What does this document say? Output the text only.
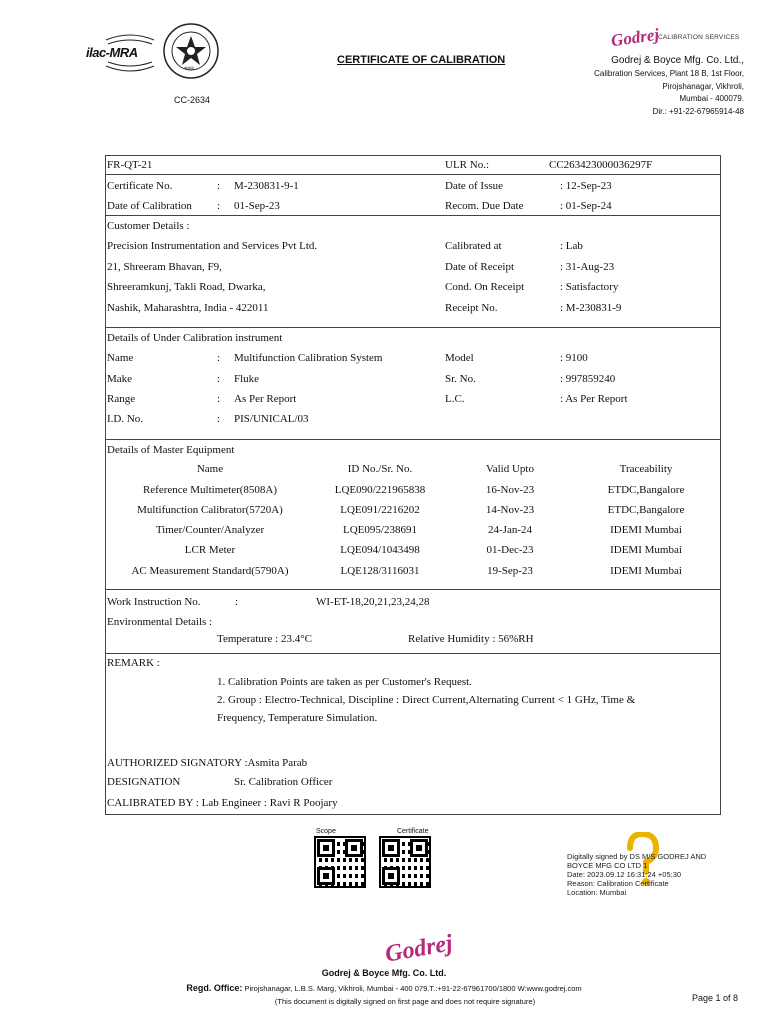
ilac-MRA
भारत
CC-2634
CERTIFICATE OF CALIBRATION
Godrej
CALIBRATION SERVICES
Godrej & Boyce Mfg. Co. Ltd.,
Calibration Services, Plant 18 B, 1st Floor,
Pirojshanagar, Vikhroli,
Mumbai - 400079.
Dir.: +91-22-67965914-48
FR-QT-21	ULR No.:	CC263423000036297F
Certificate No.	: M-230831-9-1	Date of Issue	: 12-Sep-23
Date of Calibration : 01-Sep-23	Recom. Due Date	: 01-Sep-24
Customer Details :
Precision Instrumentation and Services Pvt Ltd.
21, Shreeram Bhavan, F9,
Shreeramkunj, Takli Road, Dwarka,
Nashik, Maharashtra, India - 422011
Calibrated at	: Lab
Date of Receipt	: 31-Aug-23
Cond. On Receipt	: Satisfactory
Receipt No.	: M-230831-9
Details of Under Calibration instrument
Name	: Multifunction Calibration System
Make	: Fluke
Range	: As Per Report
I.D. No.	: PIS/UNICAL/03
Model	: 9100
Sr. No.	: 997859240
L.C.	: As Per Report
Details of Master Equipment
Name	ID No./Sr. No.	Valid Upto	Traceability
Reference Multimeter(8508A)	LQE090/221965838	16-Nov-23	ETDC,Bangalore
Multifunction Calibrator(5720A)	LQE091/2216202	14-Nov-23	ETDC,Bangalore
Timer/Counter/Analyzer	LQE095/238691	24-Jan-24	IDEMI Mumbai
LCR Meter	LQE094/1043498	01-Dec-23	IDEMI Mumbai
AC Measurement Standard(5790A)	LQE128/3116031	19-Sep-23	IDEMI Mumbai
Work Instruction No.	:	WI-ET-18,20,21,23,24,28
Environmental Details :
Temperature : 23.4°C	Relative Humidity : 56%RH
REMARK :
1. Calibration Points are taken as per Customer's Request.
2. Group : Electro-Technical, Discipline : Direct Current,Alternating Current < 1 GHz, Time &
Frequency, Temperature Simulation.
AUTHORIZED SIGNATORY :Asmita Parab
DESIGNATION	Sr. Calibration Officer
CALIBRATED BY : Lab Engineer : Ravi R Poojary
Scope	Certificate
Digitally signed by DS M/S GODREJ AND
BOYCE MFG CO LTD 1
Date: 2023.09.12 16:31:24 +05:30
Reason: Calibration Certificate
Location: Mumbai
Godrej
Godrej & Boyce Mfg. Co. Ltd.
Regd. Office: Pirojshanagar, L.B.S. Marg, Vikhroli, Mumbai - 400 079.T.:+91-22-67961700/1800 W:www.godrej.com
(This document is digitally signed on first page and does not require signature)	Page 1 of 8
